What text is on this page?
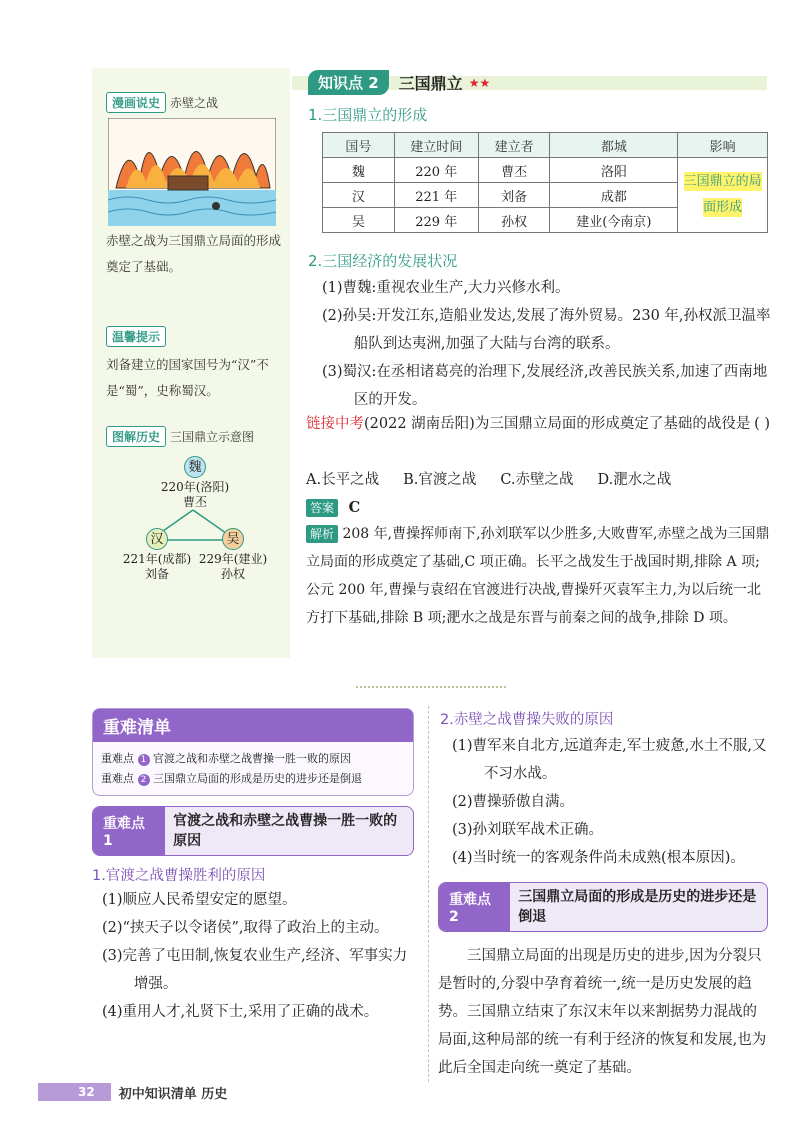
漫画说史 赤壁之战
赤壁之战为三国鼎立局面的形成奠定了基础。
温馨提示
刘备建立的国家国号为“汉”不是“蜀”，史称蜀汉。
图解历史 三国鼎立示意图
魏
220年(洛阳)
曹丕
汉
221年(成都)
刘备
吴
229年(建业)
孙权
知识点 2	三国鼎立 ★★
1.三国鼎立的形成
国号	建立时间	建立者	都城	影响
魏	220 年	曹丕	洛阳	三国鼎立的局面形成
汉	221 年	刘备	成都	
吴	229 年	孙权	建业(今南京)	
2.三国经济的发展状况
(1)曹魏:重视农业生产,大力兴修水利。
(2)孙吴:开发江东,造船业发达,发展了海外贸易。230 年,孙权派卫温率船队到达夷洲,加强了大陆与台湾的联系。
(3)蜀汉:在丞相诸葛亮的治理下,发展经济,改善民族关系,加速了西南地区的开发。
链接中考(2022 湖南岳阳)为三国鼎立局面的形成奠定了基础的战役是 ( )
A.长平之战 B.官渡之战 C.赤壁之战 D.淝水之战
答案 C
解析 208 年,曹操挥师南下,孙刘联军以少胜多,大败曹军,赤壁之战为三国鼎立局面的形成奠定了基础,C 项正确。长平之战发生于战国时期,排除 A 项;公元 200 年,曹操与袁绍在官渡进行决战,曹操歼灭袁军主力,为以后统一北方打下基础,排除 B 项;淝水之战是东晋与前秦之间的战争,排除 D 项。
重难清单
重难点 1 官渡之战和赤壁之战曹操一胜一败的原因
重难点 2 三国鼎立局面的形成是历史的进步还是倒退
重难点 1
官渡之战和赤壁之战曹操一胜一败的原因
1.官渡之战曹操胜利的原因
(1)顺应人民希望安定的愿望。
(2)“挟天子以令诸侯”,取得了政治上的主动。
(3)完善了屯田制,恢复农业生产,经济、军事实力增强。
(4)重用人才,礼贤下士,采用了正确的战术。
2.赤壁之战曹操失败的原因
(1)曹军来自北方,远道奔走,军士疲惫,水土不服,又不习水战。
(2)曹操骄傲自满。
(3)孙刘联军战术正确。
(4)当时统一的客观条件尚未成熟(根本原因)。
重难点 2
三国鼎立局面的形成是历史的进步还是倒退
三国鼎立局面的出现是历史的进步,因为分裂只是暂时的,分裂中孕育着统一,统一是历史发展的趋势。三国鼎立结束了东汉末年以来割据势力混战的局面,这种局部的统一有利于经济的恢复和发展,也为此后全国走向统一奠定了基础。
32	初中知识清单 历史
